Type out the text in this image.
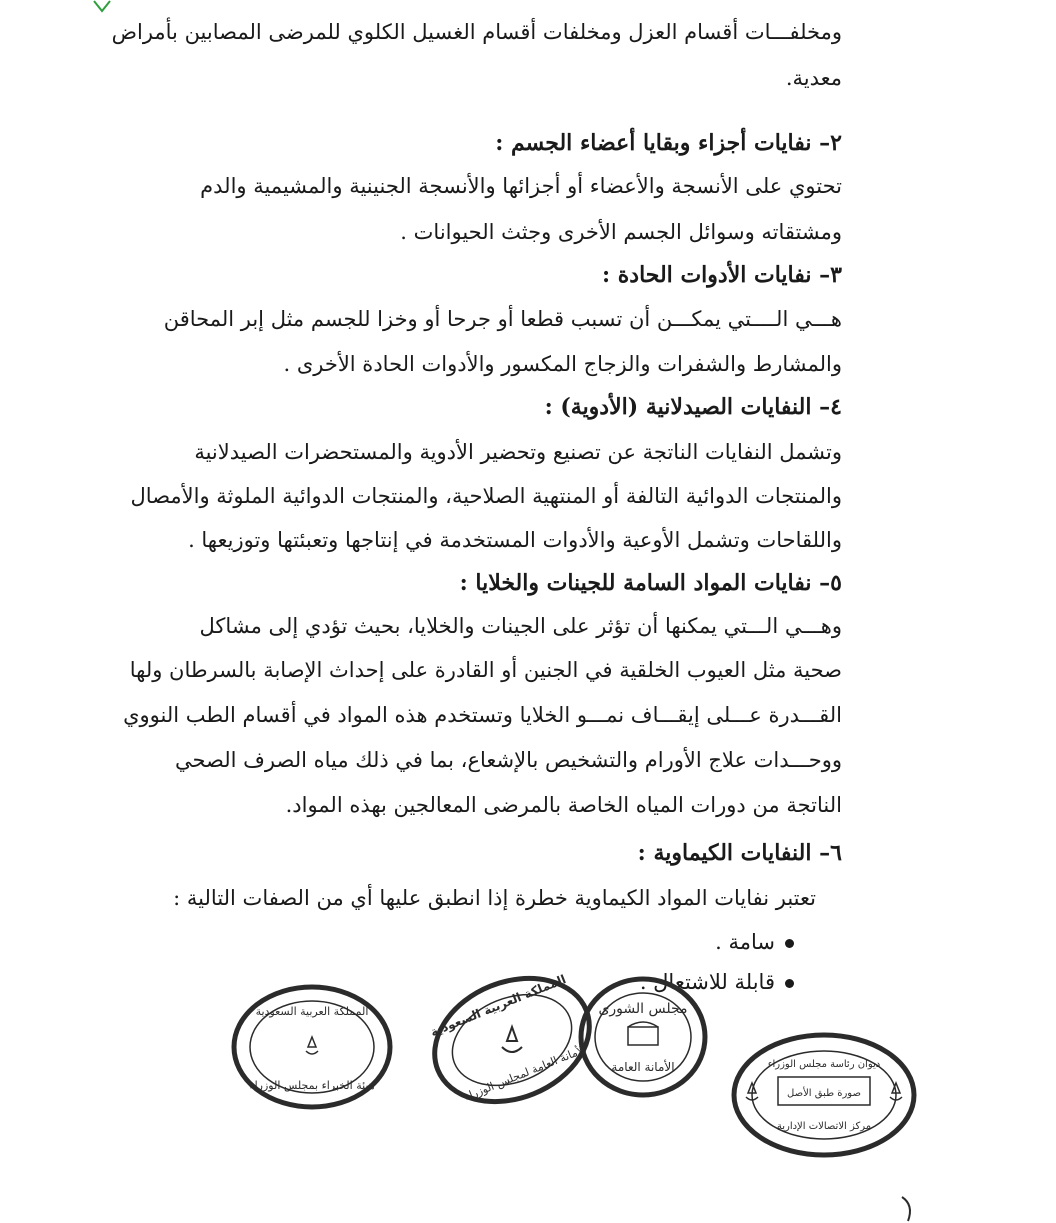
ومخلفـــات أقسام العزل ومخلفات أقسام الغسيل الكلوي للمرضى المصابين بأمراض
معدية.
٢– نفايات أجزاء وبقايا أعضاء الجسم :
تحتوي على الأنسجة والأعضاء أو أجزائها والأنسجة الجنينية والمشيمية والدم
ومشتقاته وسوائل الجسم الأخرى وجثث الحيوانات .
٣– نفايات الأدوات الحادة :
هـــي الــــتي يمكـــن أن تسبب قطعا أو جرحا أو وخزا للجسم مثل إبر المحاقن
والمشارط والشفرات والزجاج المكسور والأدوات الحادة الأخرى .
٤– النفايات الصيدلانية (الأدوية) :
وتشمل النفايات الناتجة عن تصنيع وتحضير الأدوية والمستحضرات الصيدلانية
والمنتجات الدوائية التالفة أو المنتهية الصلاحية، والمنتجات الدوائية الملوثة والأمصال
واللقاحات وتشمل الأوعية والأدوات المستخدمة في إنتاجها وتعبئتها وتوزيعها .
٥– نفايات المواد السامة للجينات والخلايا :
وهـــي الـــتي يمكنها أن تؤثر على الجينات والخلايا، بحيث تؤدي إلى مشاكل
صحية مثل العيوب الخلقية في الجنين أو القادرة على إحداث الإصابة بالسرطان ولها
القـــدرة عـــلى إيقـــاف نمـــو الخلايا وتستخدم هذه المواد في أقسام الطب النووي
ووحـــدات علاج الأورام والتشخيص بالإشعاع، بما في ذلك مياه الصرف الصحي
الناتجة من دورات المياه الخاصة بالمرضى المعالجين بهذه المواد.
٦– النفايات الكيماوية :
تعتبر نفايات المواد الكيماوية خطرة إذا انطبق عليها أي من الصفات التالية :
سامة .
قابلة للاشتعال .
المملكة العربية السعودية
هيئة الخبراء بمجلس الوزراء
المملكة العربية السعودية
الأمانة العامة لمجلس الوزراء
مجلس الشورى
الأمانة العامة	ديوان رئاسة مجلس الوزراء
صورة طبق الأصل
مركز الاتصالات الإدارية
